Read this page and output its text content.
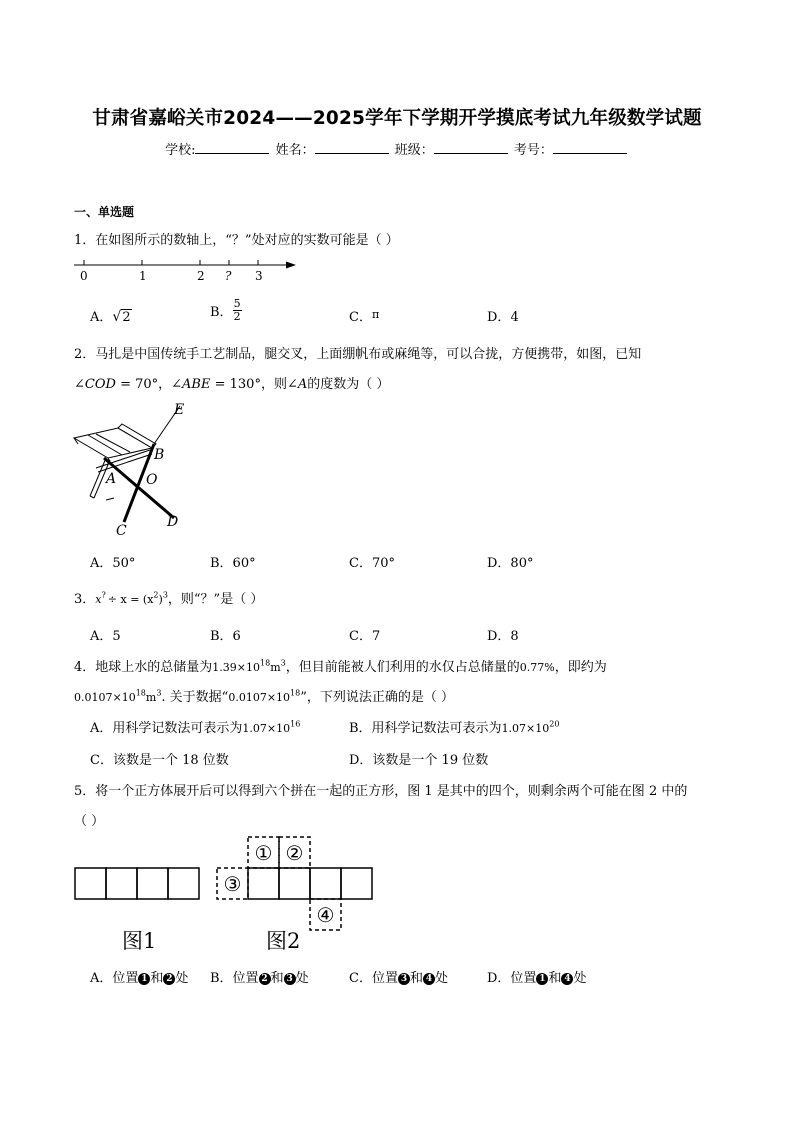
甘肃省嘉峪关市2024——2025学年下学期开学摸底考试九年级数学试题
学校:	姓名：	班级：	考号：
一、单选题
1．在如图所示的数轴上，“？”处对应的实数可能是（ ）
0	1	2 ? 3
A．√2	B． $\frac{5}{2}$	C．$^\pi$	D．4
2．马扎是中国传统手工艺制品，腿交叉，上面绷帆布或麻绳等，可以合拢，方便携带，如图，已知
∠COD = 70°，∠ABE = 130°，则∠A的度数为（ ）
E
B
A O
C
D
A．50°	B．60°	C．70°	D．80°
3．$x^? \div x = (x^2)^3$，则“？”是（ ）
A．5	B．6	C．7	D．8
4．地球上水的总储量为$1.39\times 10^{18}m^3$，但目前能被人们利用的水仅占总储量的0.77%，即约为
$0.0107\times 10^{18}m^3$. 关于数据“$0.0107\times 10^{18}$”，下列说法正确的是（ ）
A．用科学记数法可表示为$1.07\times 10^{16}$	B．用科学记数法可表示为$1.07\times 10^{20}$
C．该数是一个 18 位数	D．该数是一个 19 位数
5．将一个正方体展开后可以得到六个拼在一起的正方形，图 1 是其中的四个，则剩余两个可能在图 2 中的
（ ）
① ②
③
④
图1	图2
A．位置 1 和 2 处 B．位置 2 和 3 处	C．位置 3 和 4 处	D．位置 1 和 4 处
